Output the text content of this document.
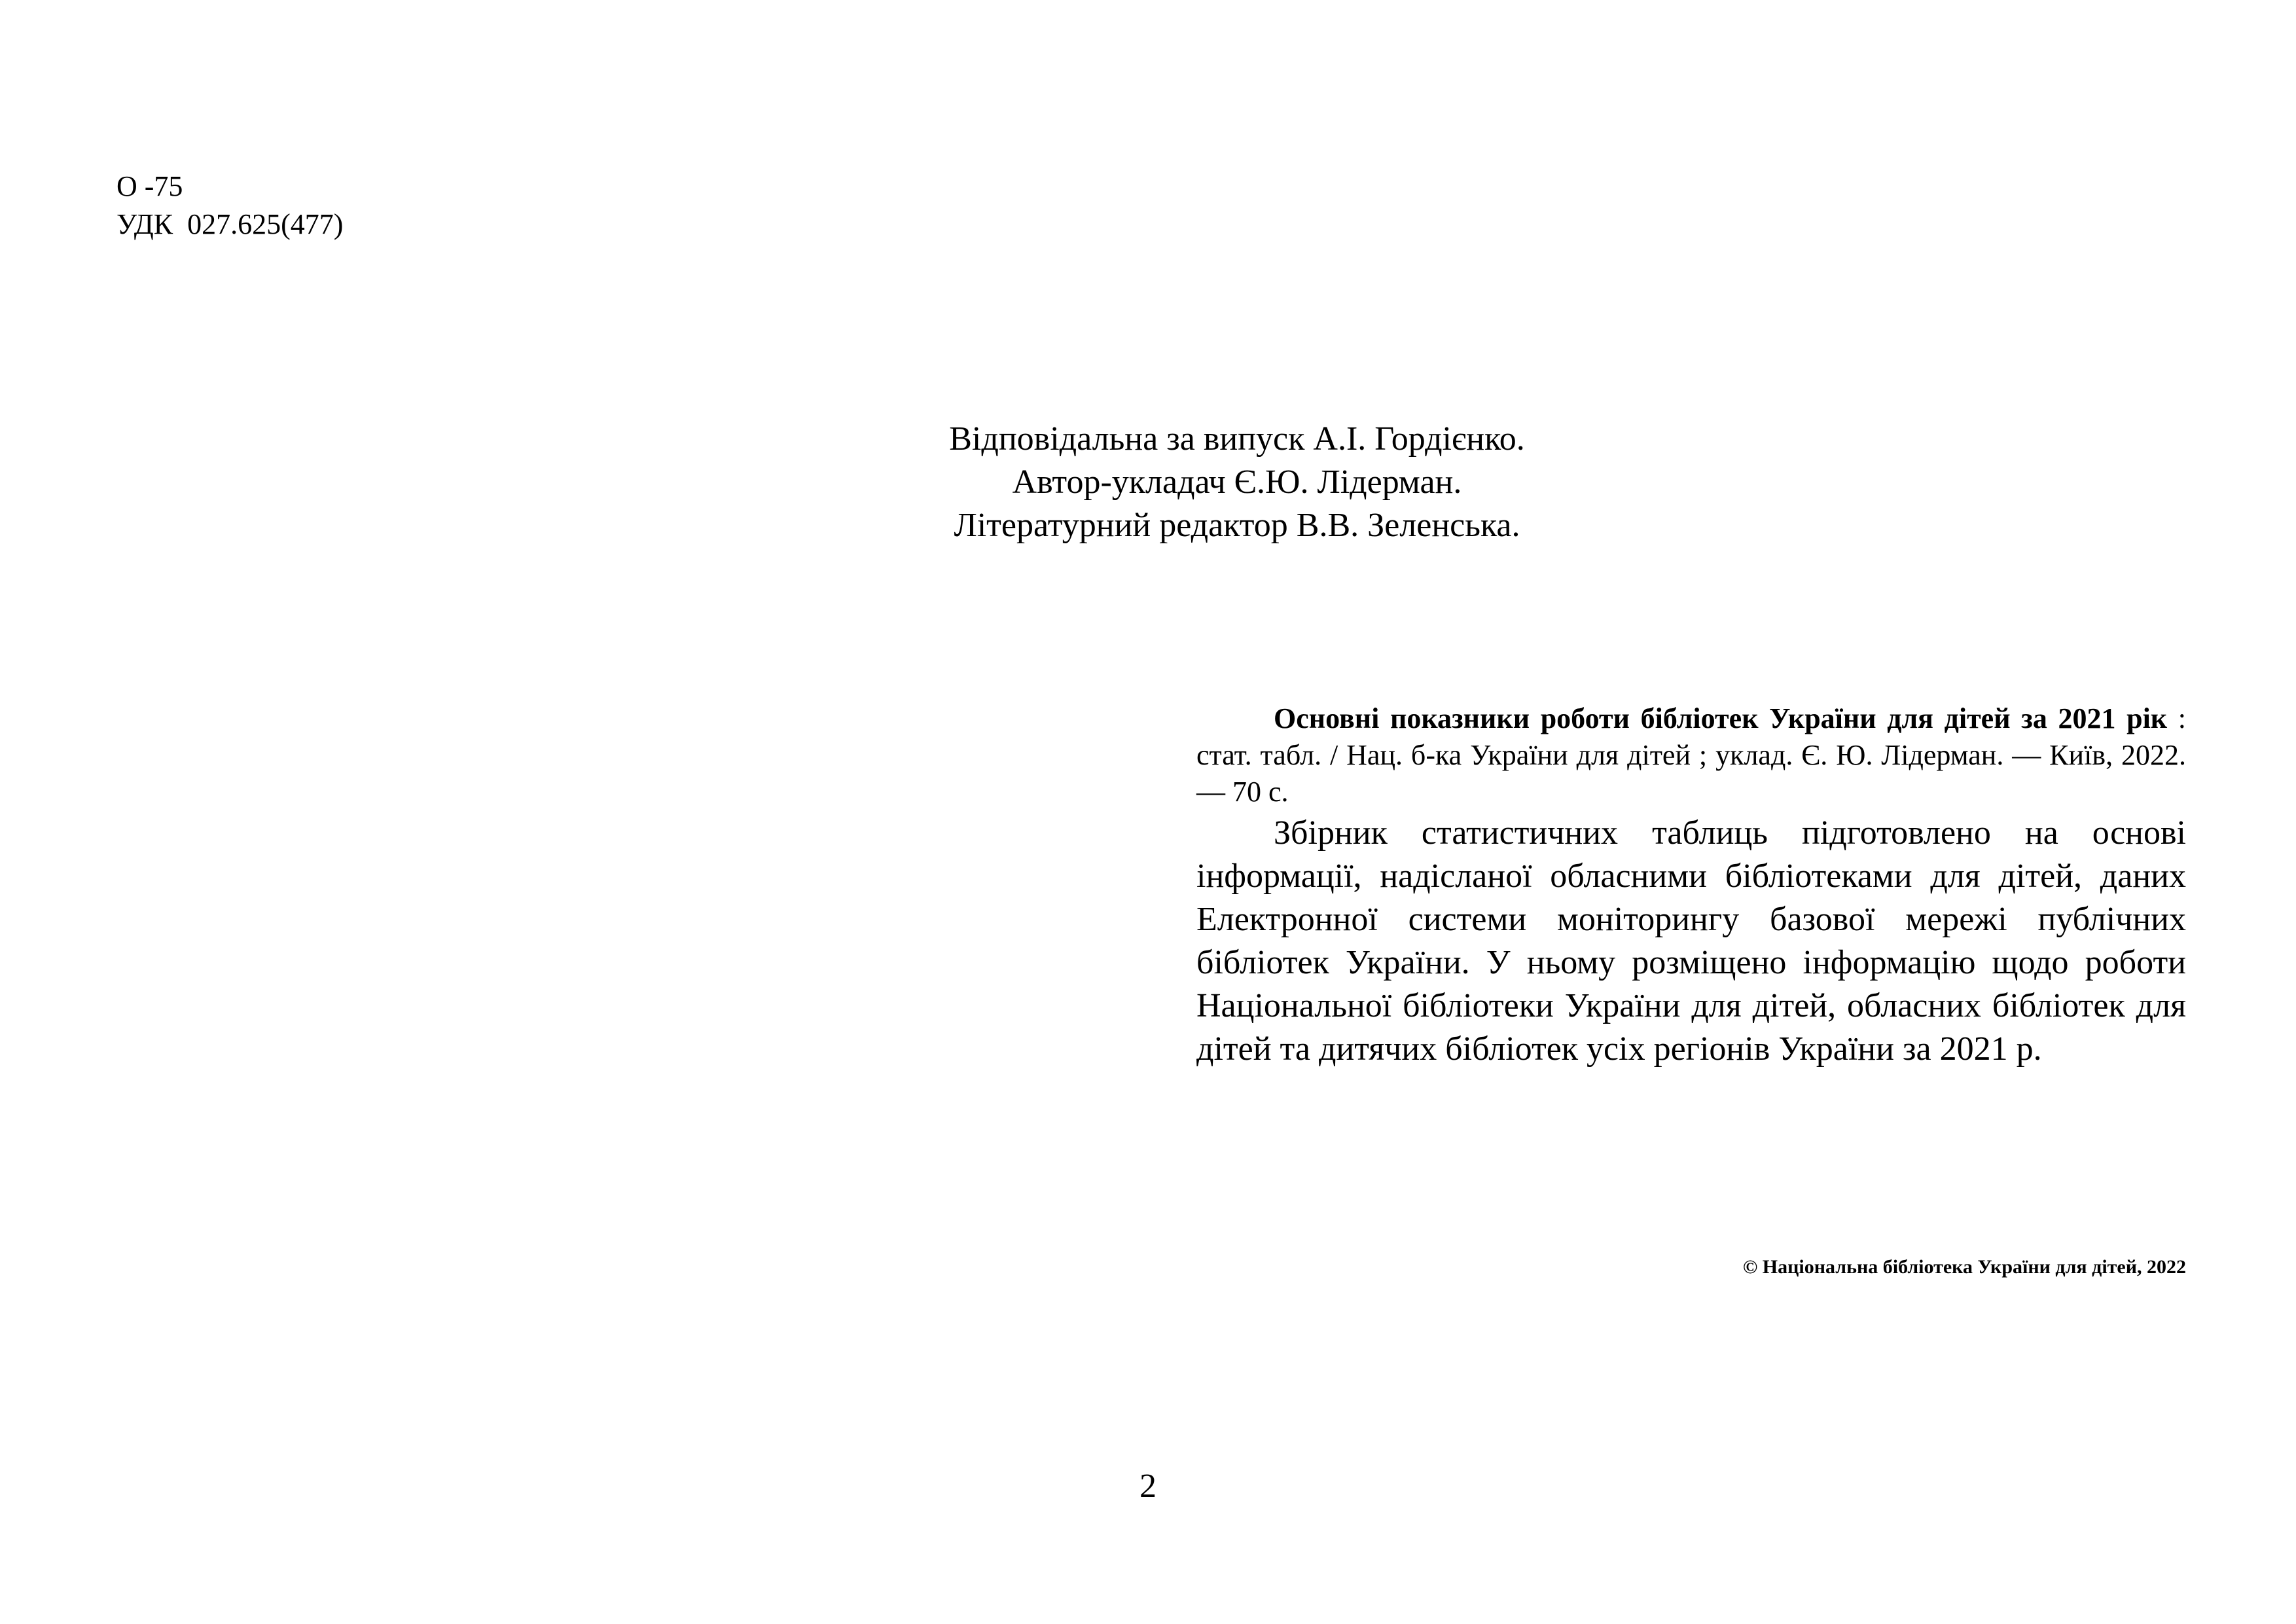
О -75
УДК  027.625(477)
Відповідальна за випуск А.І. Гордієнко.
Автор-укладач Є.Ю. Лідерман.
Літературний редактор В.В. Зеленська.

Основні показники роботи бібліотек України для дітей за 2021 рік : стат. табл. / Нац. б-ка України для дітей ; уклад. Є. Ю. Лідерман. — Київ, 2022. — 70 с.

Збірник статистичних таблиць підготовлено на основі інформації, надісланої обласними бібліотеками для дітей, даних Електронної системи моніторингу базової мережі публічних бібліотек України. У ньому розміщено інформацію щодо роботи Національної бібліотеки України для дітей, обласних бібліотек для дітей та дитячих бібліотек усіх регіонів України за 2021 р.

© Національна бібліотека України для дітей, 2022
2
